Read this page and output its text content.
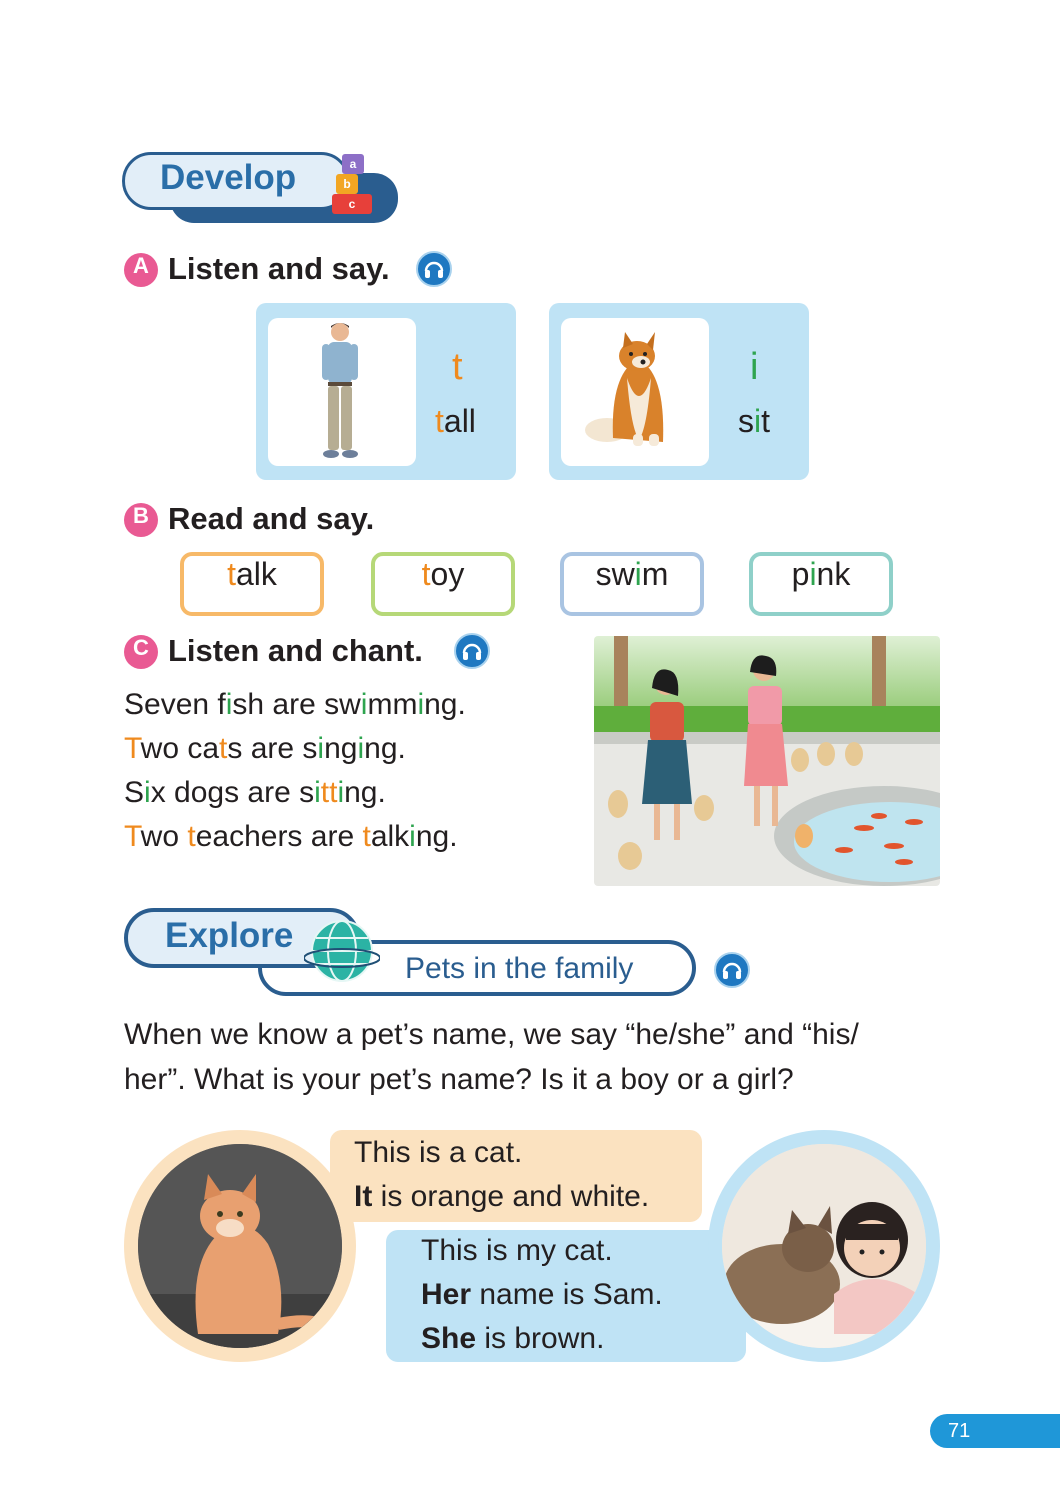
Develop	a
b
c
A Listen and say.
t
tall
i
sit
B Read and say.
talk	toy	swim	pink
C Listen and chant.
Seven fish are swimming.
Two cats are singing.
Six dogs are sitting.
Two teachers are talking.
Explore
Pets in the family
When we know a pet’s name, we say “he/she” and “his/
her”. What is your pet’s name? Is it a boy or a girl?
This is a cat.
It is orange and white.
This is my cat.
Her name is Sam.
She is brown.
71
